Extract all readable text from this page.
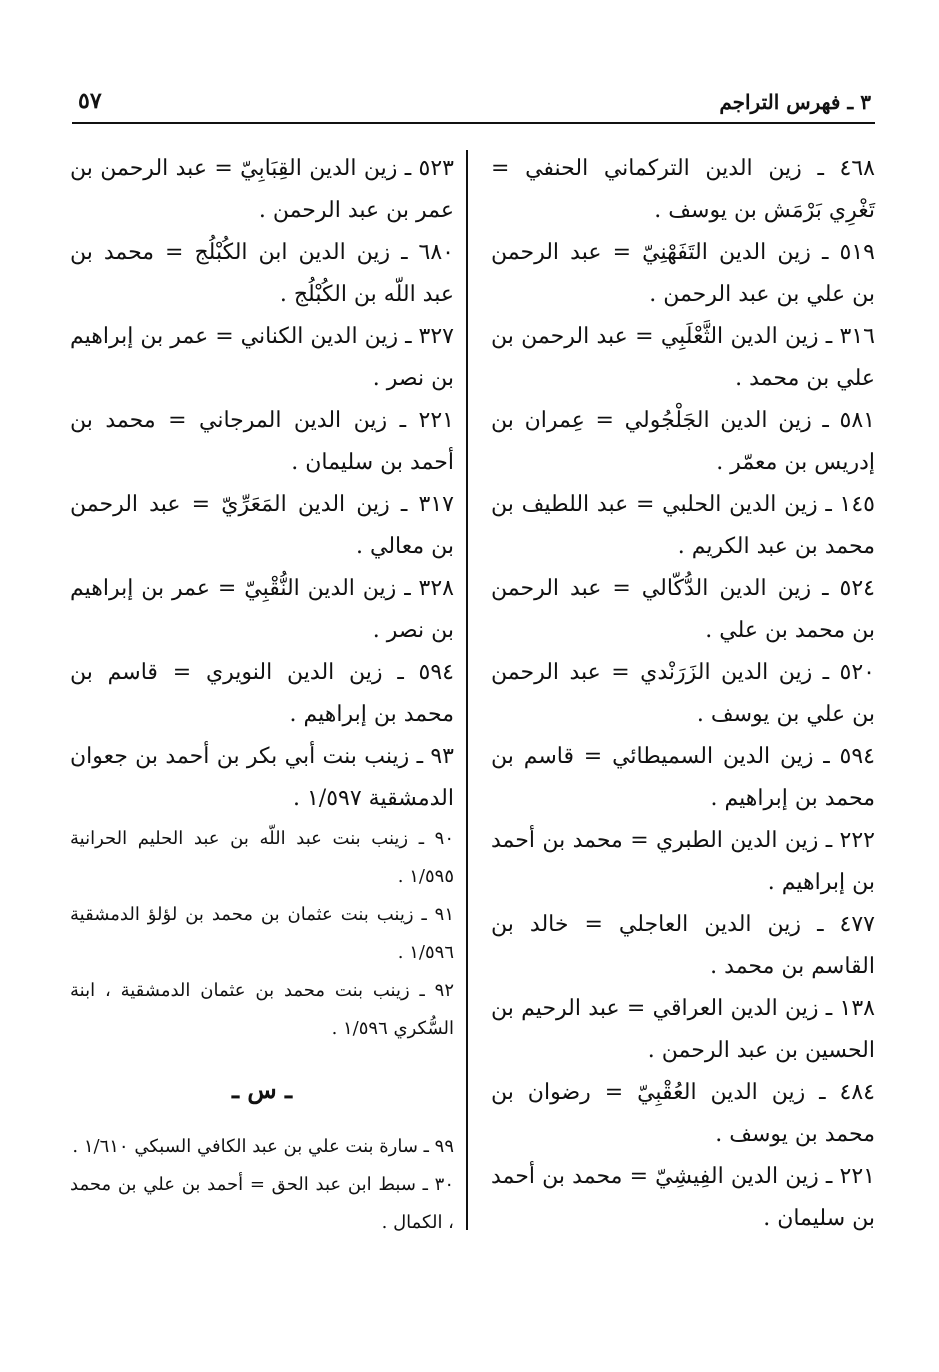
٣ ـ فهرس التراجم
٥٧

٤٦٨ ـ زين الدين التركماني الحنفي = تَغْرِي بَرْمَش بن يوسف .

٥١٩ ـ زين الدين التَفَهْنِيّ = عبد الرحمن بن علي بن عبد الرحمن .

٣١٦ ـ زين الدين الثَّعْلَبِي = عبد الرحمن بن علي بن محمد .

٥٨١ ـ زين الدين الجَلْجُولي = عِمران بن إدريس بن معمّر .

١٤٥ ـ زين الدين الحلبي = عبد اللطيف بن محمد بن عبد الكريم .

٥٢٤ ـ زين الدين الدُّكّالي = عبد الرحمن بن محمد بن علي .

٥٢٠ ـ زين الدين الزَرَنْدي = عبد الرحمن بن علي بن يوسف .

٥٩٤ ـ زين الدين السميطائي = قاسم بن محمد بن إبراهيم .

٢٢٢ ـ زين الدين الطبري = محمد بن أحمد بن إبراهيم .

٤٧٧ ـ زين الدين العاجلي = خالد بن القاسم بن محمد .

١٣٨ ـ زين الدين العراقي = عبد الرحيم بن الحسين بن عبد الرحمن .

٤٨٤ ـ زين الدين العُقْبِيّ = رضوان بن محمد بن يوسف .

٢٢١ ـ زين الدين الفِيشِيّ = محمد بن أحمد بن سليمان .

٥٢٣ ـ زين الدين القِبَابِيّ = عبد الرحمن بن عمر بن عبد الرحمن .

٦٨٠ ـ زين الدين ابن الكُبْلُج = محمد بن عبد اللّه بن الكُبْلُج .

٣٢٧ ـ زين الدين الكناني = عمر بن إبراهيم بن نصر .

٢٢١ ـ زين الدين المرجاني = محمد بن أحمد بن سليمان .

٣١٧ ـ زين الدين المَعَرِّيّ = عبد الرحمن بن معالي .

٣٢٨ ـ زين الدين النُّقْبِيّ = عمر بن إبراهيم بن نصر .

٥٩٤ ـ زين الدين النويري = قاسم بن محمد بن إبراهيم .

٩٣ ـ زينب بنت أبي بكر بن أحمد بن جعوان الدمشقية ١/٥٩٧ .

٩٠ ـ زينب بنت عبد اللّه بن عبد الحليم الحرانية ١/٥٩٥ .

٩١ ـ زينب بنت عثمان بن محمد بن لؤلؤ الدمشقية ١/٥٩٦ .

٩٢ ـ زينب بنت محمد بن عثمان الدمشقية ، ابنة السُّكري ١/٥٩٦ .

ـ س ـ

٩٩ ـ سارة بنت علي بن عبد الكافي السبكي ١/٦١٠ .

٣٠ ـ سبط ابن عبد الحق = أحمد بن علي بن محمد ، الكمال .
